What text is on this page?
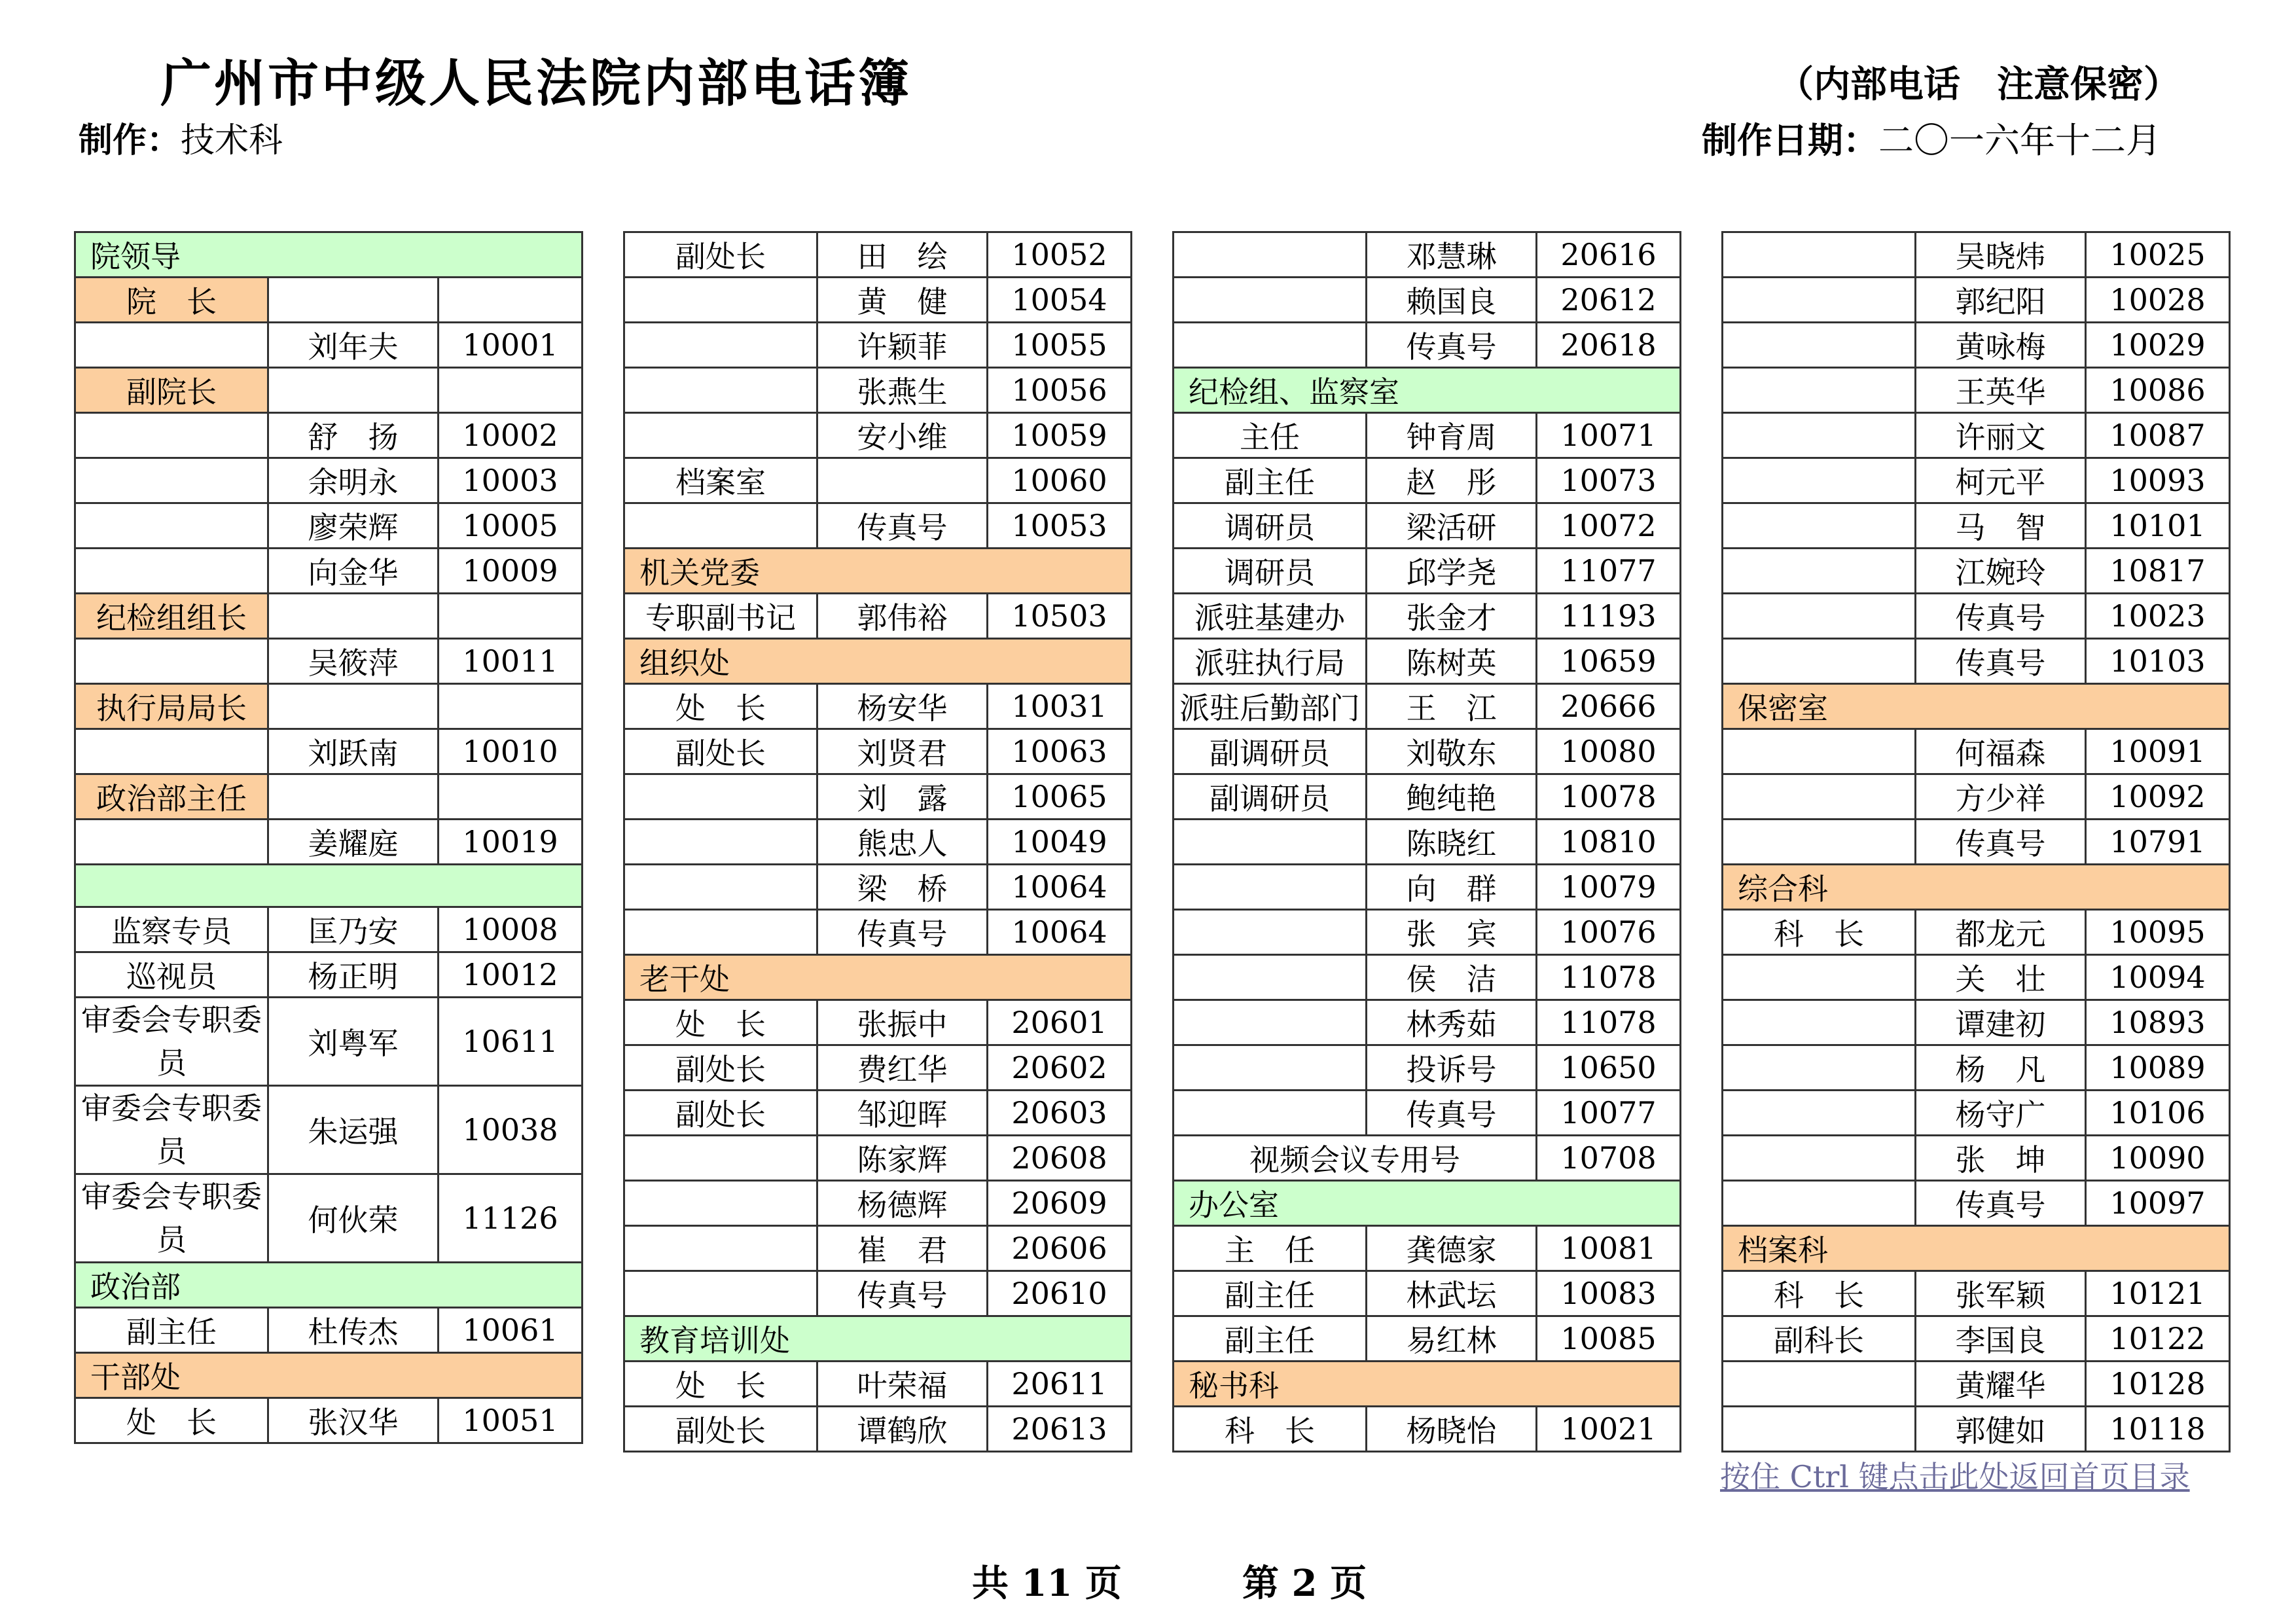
广州市中级人民法院内部电话簿	（内部电话　注意保密）
制作：技术科	制作日期：二〇一六年十二月
院领导		
院　长		
	刘年夫	10001
副院长		
	舒　扬	10002
	余明永	10003
	廖荣辉	10005
	向金华	10009
纪检组组长		
	吴筱萍	10011
执行局局长		
	刘跃南	10010
政治部主任		
	姜耀庭	10019

监察专员	匡乃安	10008
巡视员	杨正明	10012
审委会专职委员	刘粤军	10611
审委会专职委员	朱运强	10038
审委会专职委员	何伙荣	11126
政治部		
副主任	杜传杰	10061
干部处		
处　长	张汉华	10051
副处长	田　绘	10052
	黄　健	10054
	许颖菲	10055
	张燕生	10056
	安小维	10059
档案室		10060
	传真号	10053
机关党委		
专职副书记	郭伟裕	10503
组织处		
处　长	杨安华	10031
副处长	刘贤君	10063
	刘　露	10065
	熊忠人	10049
	梁　桥	10064
	传真号	10064
老干处		
处　长	张振中	20601
副处长	费红华	20602
副处长	邹迎晖	20603
	陈家辉	20608
	杨德辉	20609
	崔　君	20606
	传真号	20610
教育培训处		
处　长	叶荣福	20611
副处长	谭鹤欣	20613
	邓慧琳	20616
	赖国良	20612
	传真号	20618
纪检组、监察室		
主任	钟育周	10071
副主任	赵　彤	10073
调研员	梁活研	10072
调研员	邱学尧	11077
派驻基建办	张金才	11193
派驻执行局	陈树英	10659
派驻后勤部门	王　江	20666
副调研员	刘敬东	10080
副调研员	鲍纯艳	10078
	陈晓红	10810
	向　群	10079
	张　宾	10076
	侯　洁	11078
	林秀茹	11078
	投诉号	10650
	传真号	10077
视频会议专用号		10708
办公室		
主　任	龚德家	10081
副主任	林武坛	10083
副主任	易红林	10085
秘书科		
科　长	杨晓怡	10021
	吴晓炜	10025
	郭纪阳	10028
	黄咏梅	10029
	王英华	10086
	许丽文	10087
	柯元平	10093
	马　智	10101
	江婉玲	10817
	传真号	10023
	传真号	10103
保密室		
	何福森	10091
	方少祥	10092
	传真号	10791
综合科		
科　长	都龙元	10095
	关　壮	10094
	谭建初	10893
	杨　凡	10089
	杨守广	10106
	张　坤	10090
	传真号	10097
档案科		
科　长	张军颖	10121
副科长	李国良	10122
	黄耀华	10128
	郭健如	10118
按住 Ctrl 键点击此处返回首页目录
共 11 页	第 2 页
